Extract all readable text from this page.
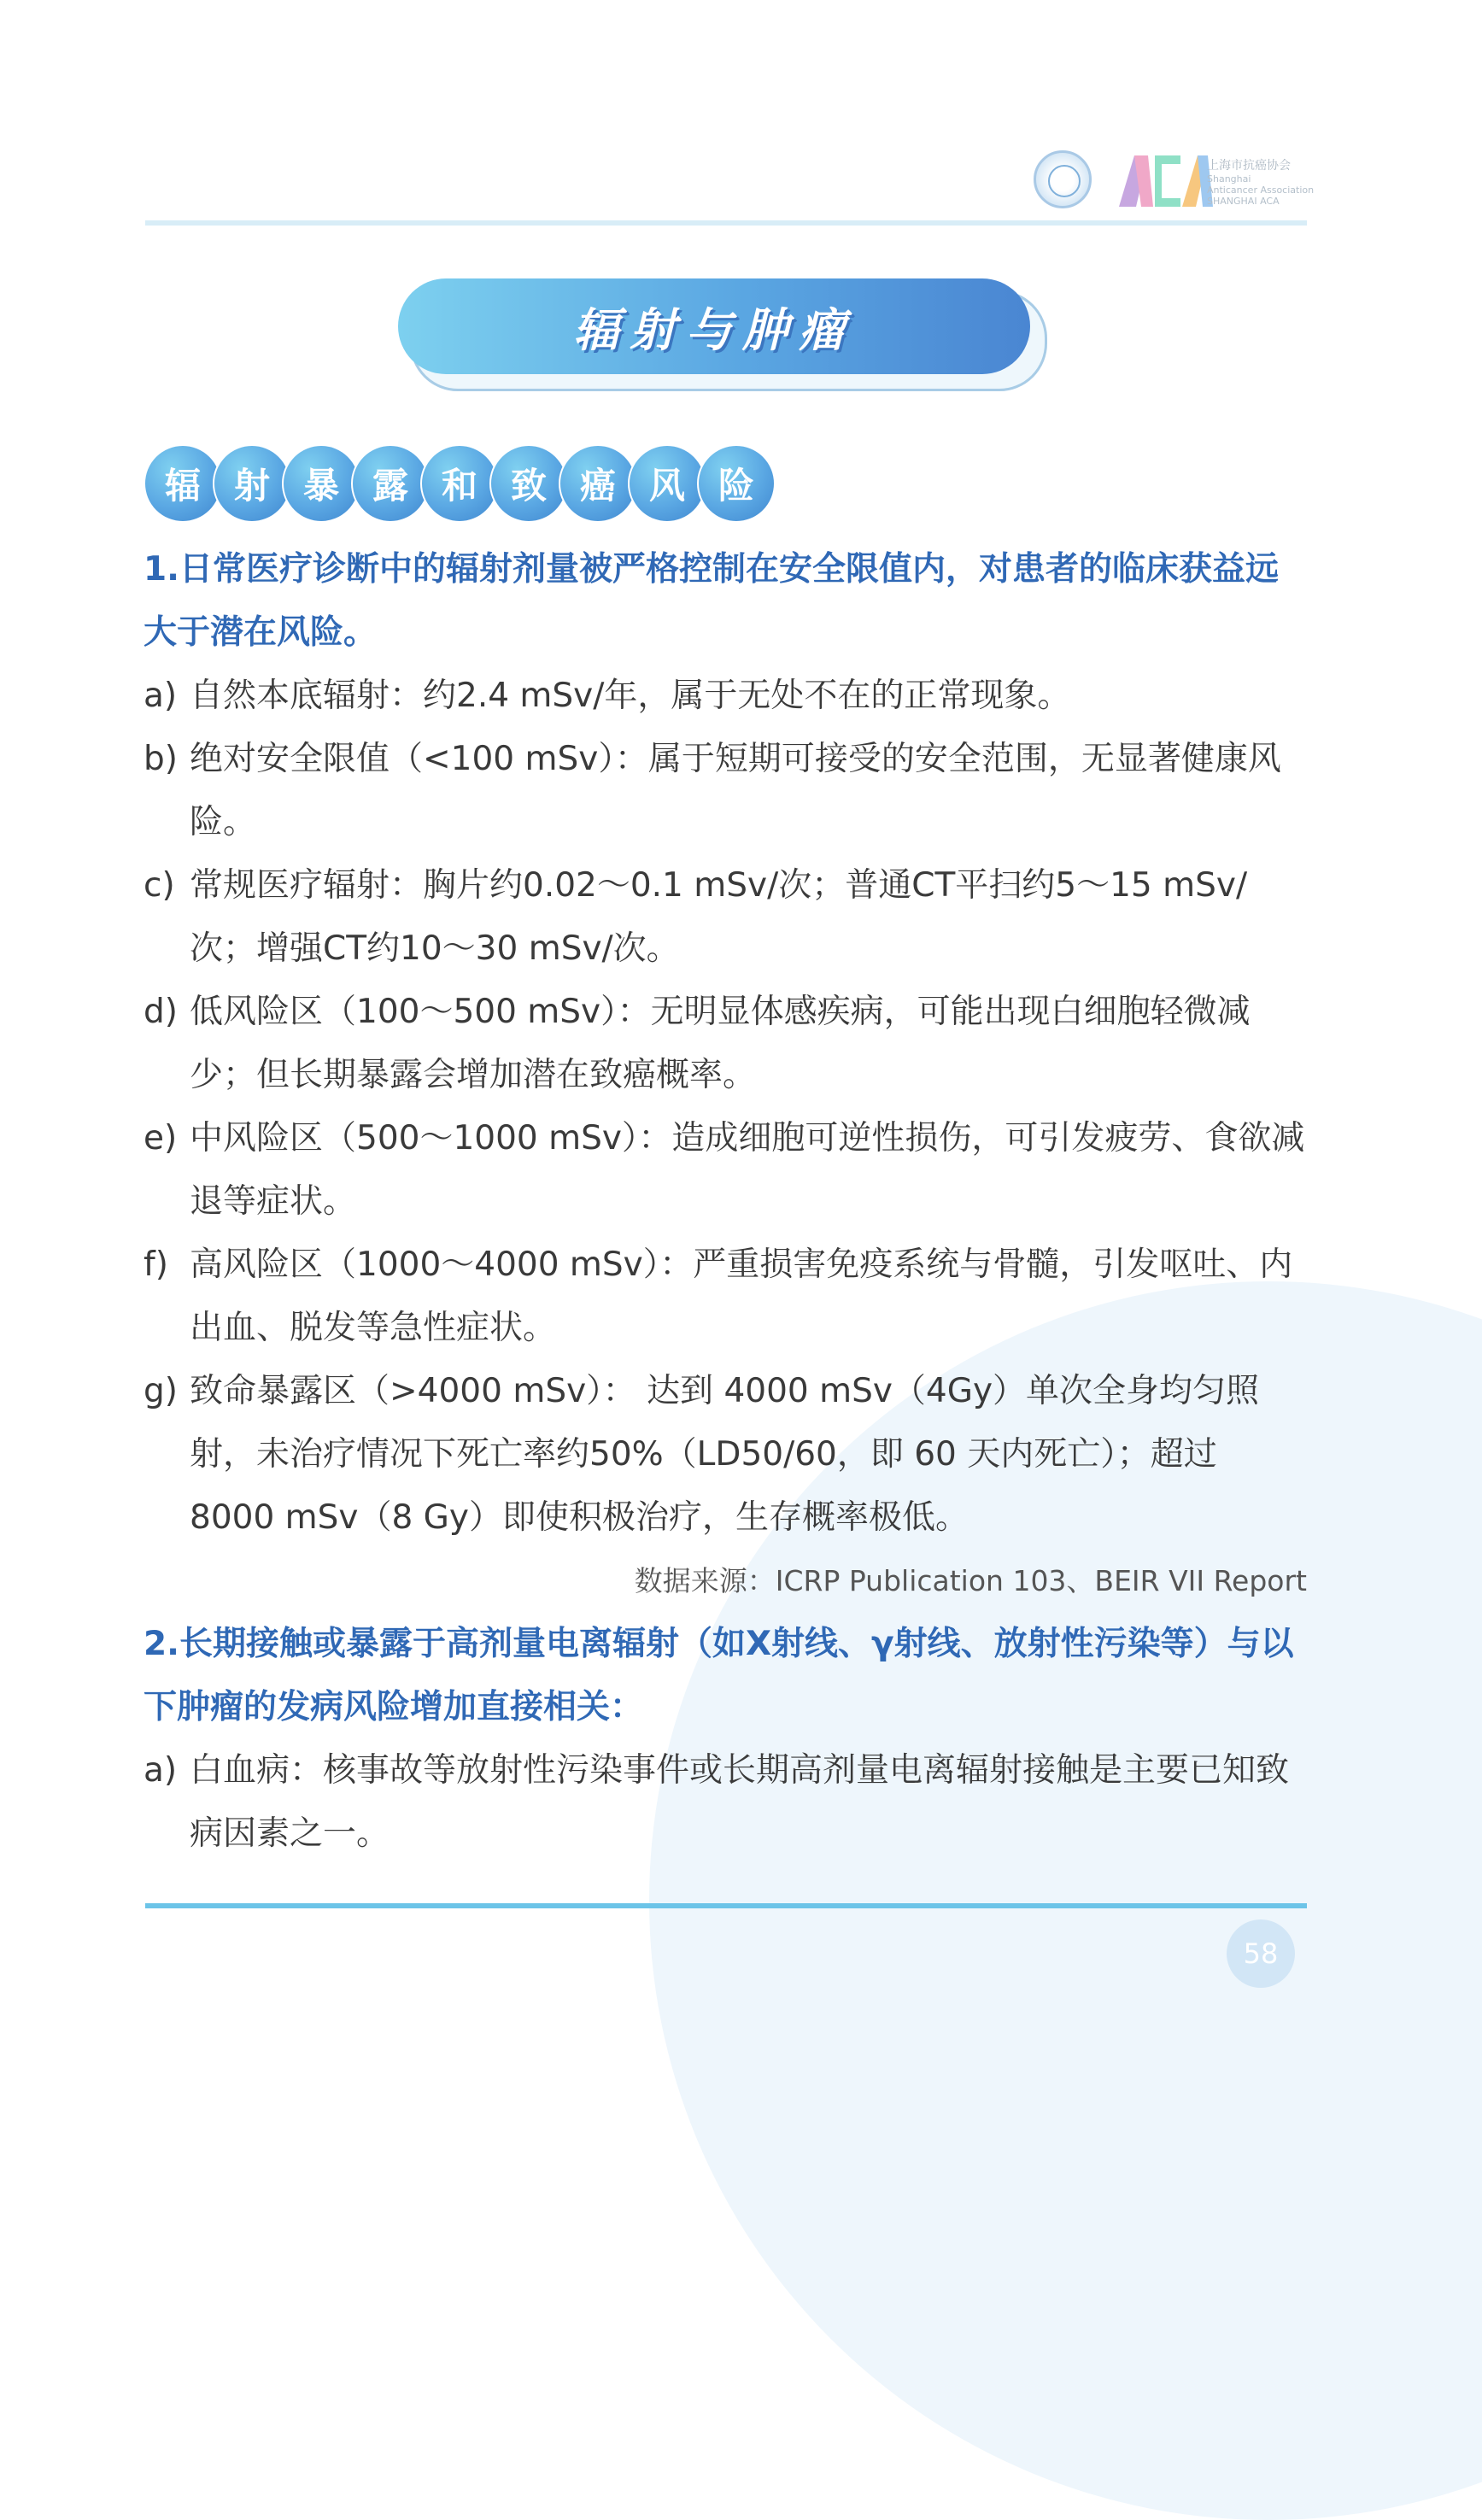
上海市抗癌协会
Shanghai
Anticancer Association
SHANGHAI ACA
辐射与肿瘤
辐 射 暴 露 和 致 癌 风 险
1.日常医疗诊断中的辐射剂量被严格控制在安全限值内，对患者的临床获益远大于潜在风险。
a) 自然本底辐射：约2.4 mSv/年，属于无处不在的正常现象。
b) 绝对安全限值（<100 mSv）：属于短期可接受的安全范围，无显著健康风险。
c) 常规医疗辐射：胸片约0.02～0.1 mSv/次；普通CT平扫约5～15 mSv/次；增强CT约10～30 mSv/次。
d) 低风险区（100～500 mSv）：无明显体感疾病，可能出现白细胞轻微减少；但长期暴露会增加潜在致癌概率。
e) 中风险区（500～1000 mSv）：造成细胞可逆性损伤，可引发疲劳、食欲减退等症状。
f) 高风险区（1000～4000 mSv）：严重损害免疫系统与骨髓，引发呕吐、内出血、脱发等急性症状。
g) 致命暴露区（>4000 mSv）： 达到 4000 mSv（4Gy）单次全身均匀照射，未治疗情况下死亡率约50%（LD50/60，即 60 天内死亡）；超过 8000 mSv（8 Gy）即使积极治疗，生存概率极低。
数据来源：ICRP Publication 103、BEIR VII Report
2.长期接触或暴露于高剂量电离辐射（如X射线、γ射线、放射性污染等）与以下肿瘤的发病风险增加直接相关：
a) 白血病：核事故等放射性污染事件或长期高剂量电离辐射接触是主要已知致病因素之一。
58
